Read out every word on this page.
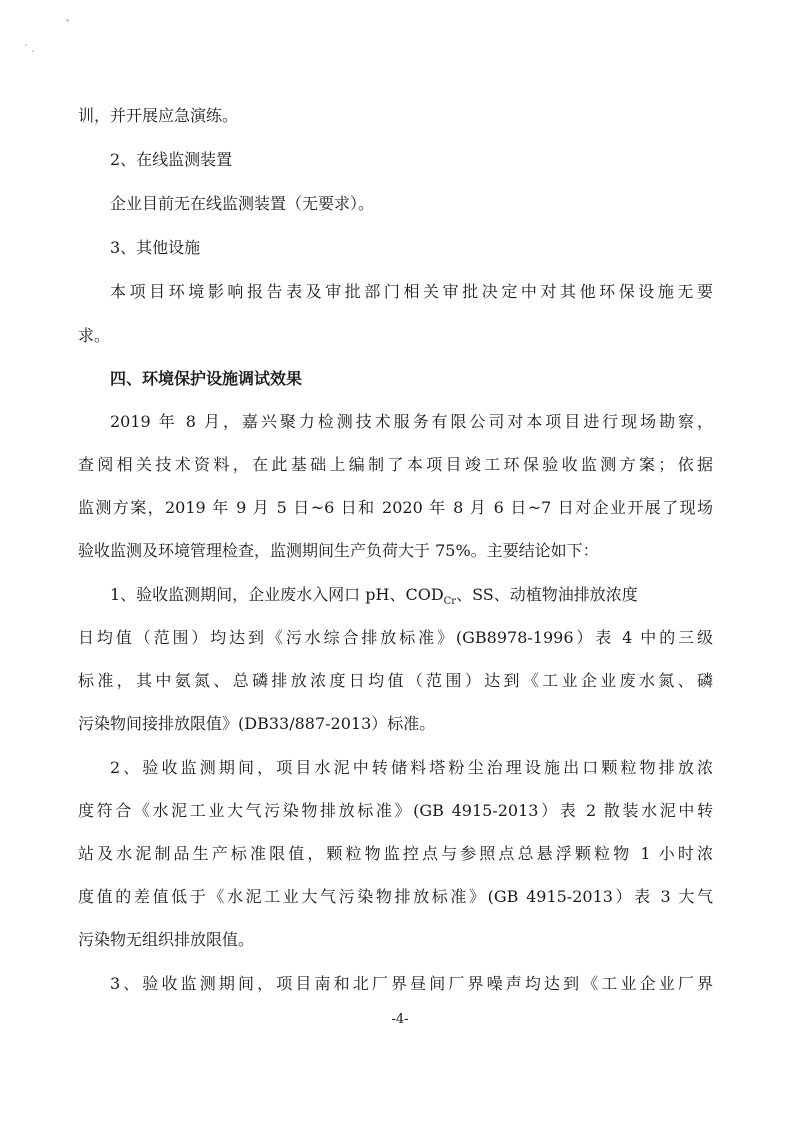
训，并开展应急演练。
2、在线监测装置
企业目前无在线监测装置（无要求）。
3、其他设施
本项目环境影响报告表及审批部门相关审批决定中对其他环保设施无要
求。
四、环境保护设施调试效果
2019 年 8 月，嘉兴聚力检测技术服务有限公司对本项目进行现场勘察，
查阅相关技术资料，在此基础上编制了本项目竣工环保验收监测方案；依据
监测方案，2019 年 9 月 5 日~6 日和 2020 年 8 月 6 日~7 日对企业开展了现场
验收监测及环境管理检查，监测期间生产负荷大于 75%。主要结论如下：
1、验收监测期间，企业废水入网口 pH、$COD_{Cr}$、SS、动植物油排放浓度
日均值（范围）均达到《污水综合排放标准》(GB8978-1996）表 4 中的三级
标准，其中氨氮、总磷排放浓度日均值（范围）达到《工业企业废水氮、磷
污染物间接排放限值》(DB33/887-2013）标准。
2、验收监测期间，项目水泥中转储料塔粉尘治理设施出口颗粒物排放浓
度符合《水泥工业大气污染物排放标准》(GB 4915-2013）表 2 散装水泥中转
站及水泥制品生产标准限值，颗粒物监控点与参照点总悬浮颗粒物 1 小时浓
度值的差值低于《水泥工业大气污染物排放标准》(GB 4915-2013）表 3 大气
污染物无组织排放限值。
3、验收监测期间，项目南和北厂界昼间厂界噪声均达到《工业企业厂界
-4-
